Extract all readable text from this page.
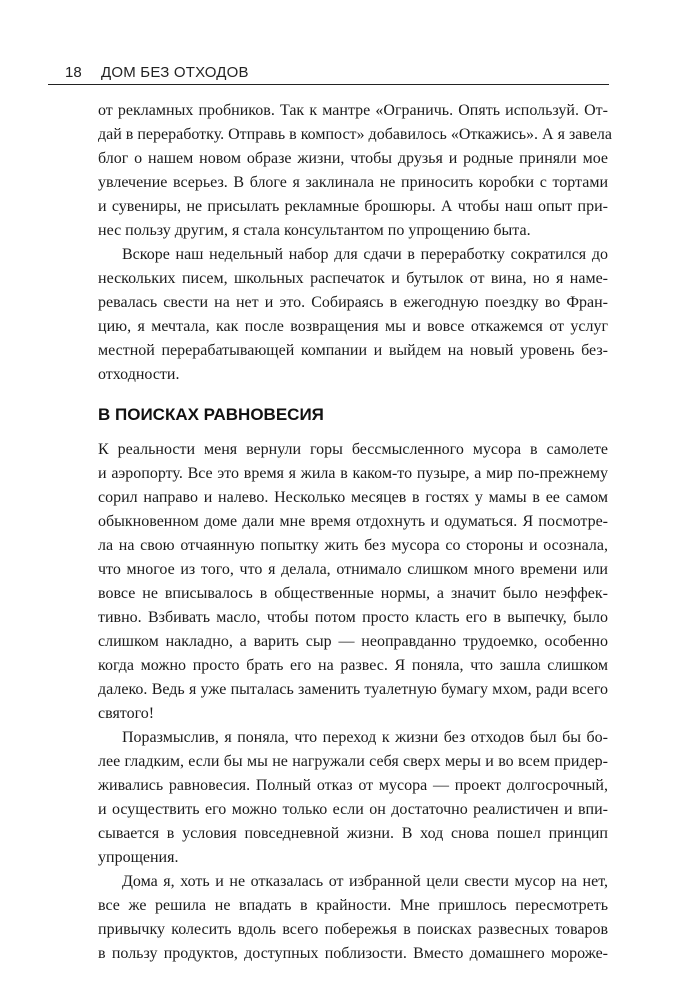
18 ДОМ БЕЗ ОТХОДОВ
от рекламных пробников. Так к мантре «Ограничь. Опять используй. От-
дай в переработку. Отправь в компост» добавилось «Откажись». А я завела
блог о нашем новом образе жизни, чтобы друзья и родные приняли мое
увлечение всерьез. В блоге я заклинала не приносить коробки с тортами
и сувениры, не присылать рекламные брошюры. А чтобы наш опыт при-
нес пользу другим, я стала консультантом по упрощению быта.
Вскоре наш недельный набор для сдачи в переработку сократился до
нескольких писем, школьных распечаток и бутылок от вина, но я наме-
ревалась свести на нет и это. Собираясь в ежегодную поездку во Фран-
цию, я мечтала, как после возвращения мы и вовсе откажемся от услуг
местной перерабатывающей компании и выйдем на новый уровень без-
отходности.
В ПОИСКАХ РАВНОВЕСИЯ
К реальности меня вернули горы бессмысленного мусора в самолете
и аэропорту. Все это время я жила в каком-то пузыре, а мир по-прежнему
сорил направо и налево. Несколько месяцев в гостях у мамы в ее самом
обыкновенном доме дали мне время отдохнуть и одуматься. Я посмотре-
ла на свою отчаянную попытку жить без мусора со стороны и осознала,
что многое из того, что я делала, отнимало слишком много времени или
вовсе не вписывалось в общественные нормы, а значит было неэффек-
тивно. Взбивать масло, чтобы потом просто класть его в выпечку, было
слишком накладно, а варить сыр — неоправданно трудоемко, особенно
когда можно просто брать его на развес. Я поняла, что зашла слишком
далеко. Ведь я уже пыталась заменить туалетную бумагу мхом, ради всего
святого!
Поразмыслив, я поняла, что переход к жизни без отходов был бы бо-
лее гладким, если бы мы не нагружали себя сверх меры и во всем придер-
живались равновесия. Полный отказ от мусора — проект долгосрочный,
и осуществить его можно только если он достаточно реалистичен и впи-
сывается в условия повседневной жизни. В ход снова пошел принцип
упрощения.
Дома я, хоть и не отказалась от избранной цели свести мусор на нет,
все же решила не впадать в крайности. Мне пришлось пересмотреть
привычку колесить вдоль всего побережья в поисках развесных товаров
в пользу продуктов, доступных поблизости. Вместо домашнего мороже-
